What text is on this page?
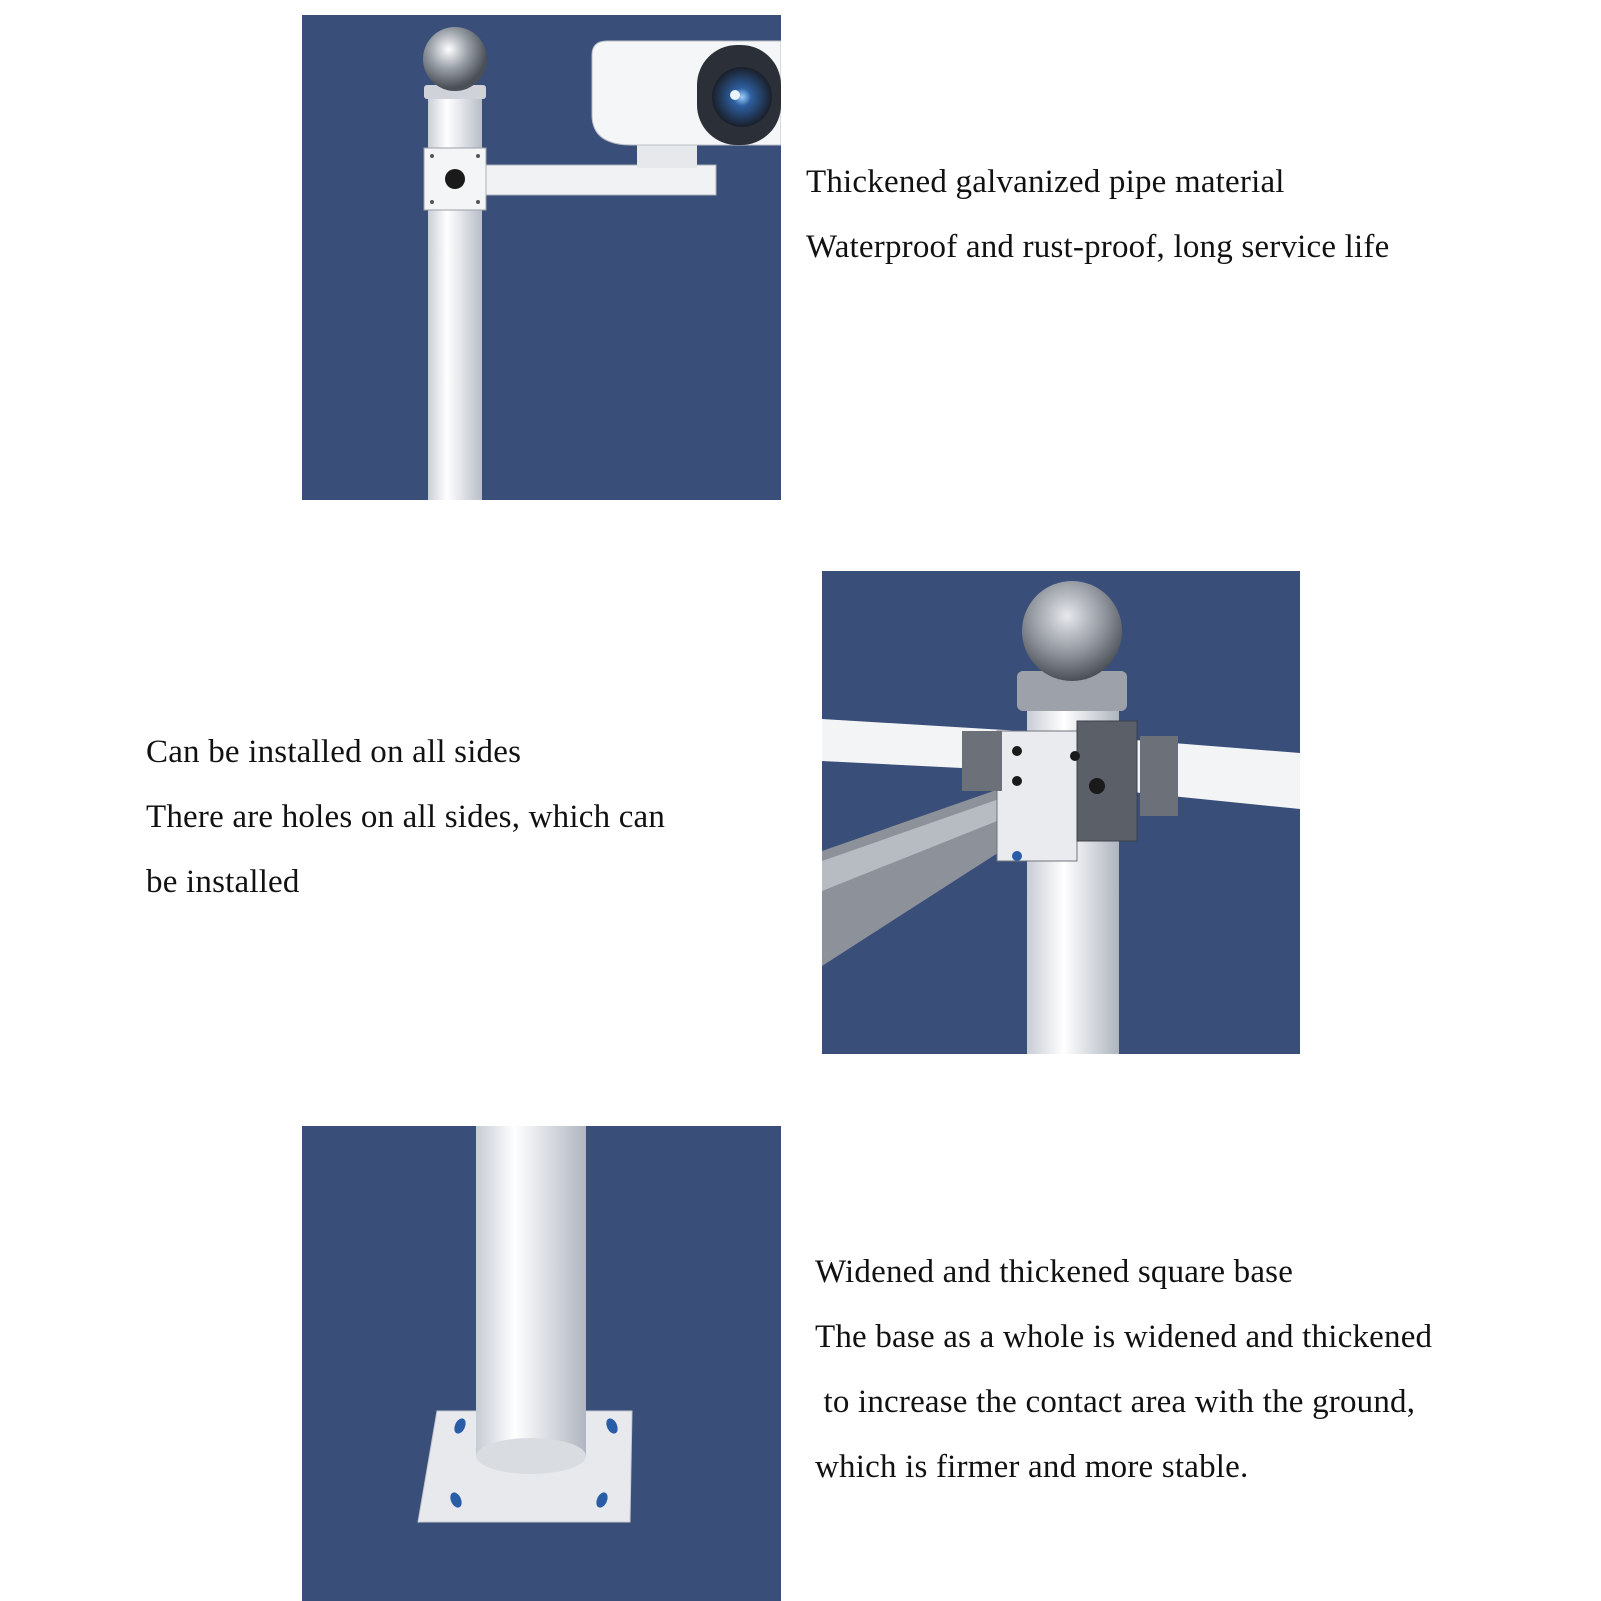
Thickened galvanized pipe material
Waterproof and rust-proof, long service life
Can be installed on all sides
There are holes on all sides, which can
be installed
Widened and thickened square base
The base as a whole is widened and thickened
to increase the contact area with the ground,
which is firmer and more stable.
